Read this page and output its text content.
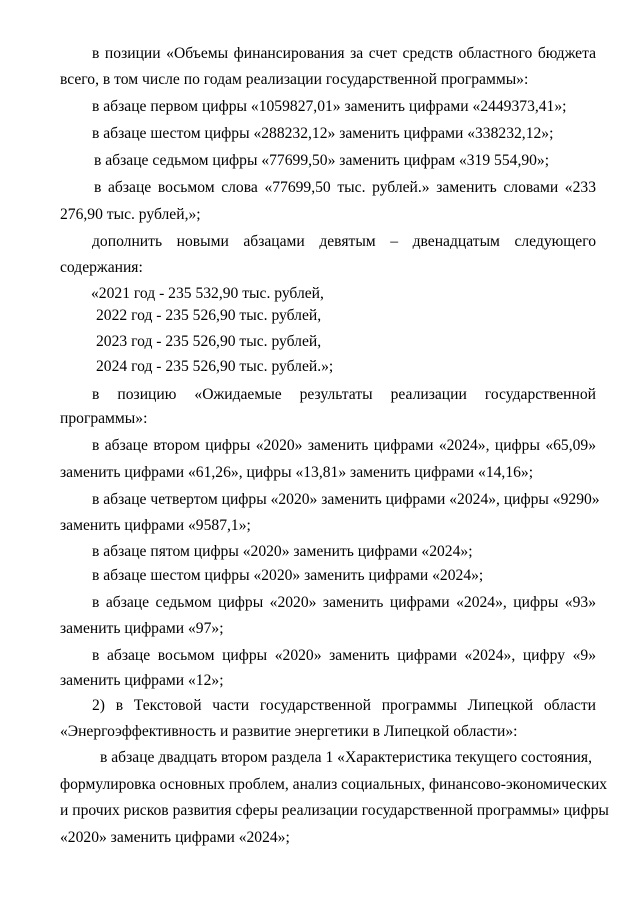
в позиции «Объемы финансирования за счет средств областного бюджета
всего, в том числе по годам реализации государственной программы»:
в абзаце первом цифры «1059827,01» заменить цифрами «2449373,41»;
в абзаце шестом цифры «288232,12» заменить цифрами «338232,12»;
в абзаце седьмом цифры «77699,50» заменить цифрам «319 554,90»;
в абзаце восьмом слова «77699,50 тыс. рублей.» заменить словами «233
276,90 тыс. рублей,»;
дополнить новыми абзацами девятым – двенадцатым следующего
содержания:
«2021 год - 235 532,90 тыс. рублей,
2022 год - 235 526,90 тыс. рублей,
2023 год - 235 526,90 тыс. рублей,
2024 год - 235 526,90 тыс. рублей.»;
в позицию «Ожидаемые результаты реализации государственной
программы»:
в абзаце втором цифры «2020» заменить цифрами «2024», цифры «65,09»
заменить цифрами «61,26», цифры «13,81» заменить цифрами «14,16»;
в абзаце четвертом цифры «2020» заменить цифрами «2024», цифры «9290»
заменить цифрами «9587,1»;
в абзаце пятом цифры «2020» заменить цифрами «2024»;
в абзаце шестом цифры «2020» заменить цифрами «2024»;
в абзаце седьмом цифры «2020» заменить цифрами «2024», цифры «93»
заменить цифрами «97»;
в абзаце восьмом цифры «2020» заменить цифрами «2024», цифру «9»
заменить цифрами «12»;
2) в Текстовой части государственной программы Липецкой области
«Энергоэффективность и развитие энергетики в Липецкой области»:
в абзаце двадцать втором раздела 1 «Характеристика текущего состояния,
формулировка основных проблем, анализ социальных, финансово-экономических
и прочих рисков развития сферы реализации государственной программы» цифры
«2020» заменить цифрами «2024»;
